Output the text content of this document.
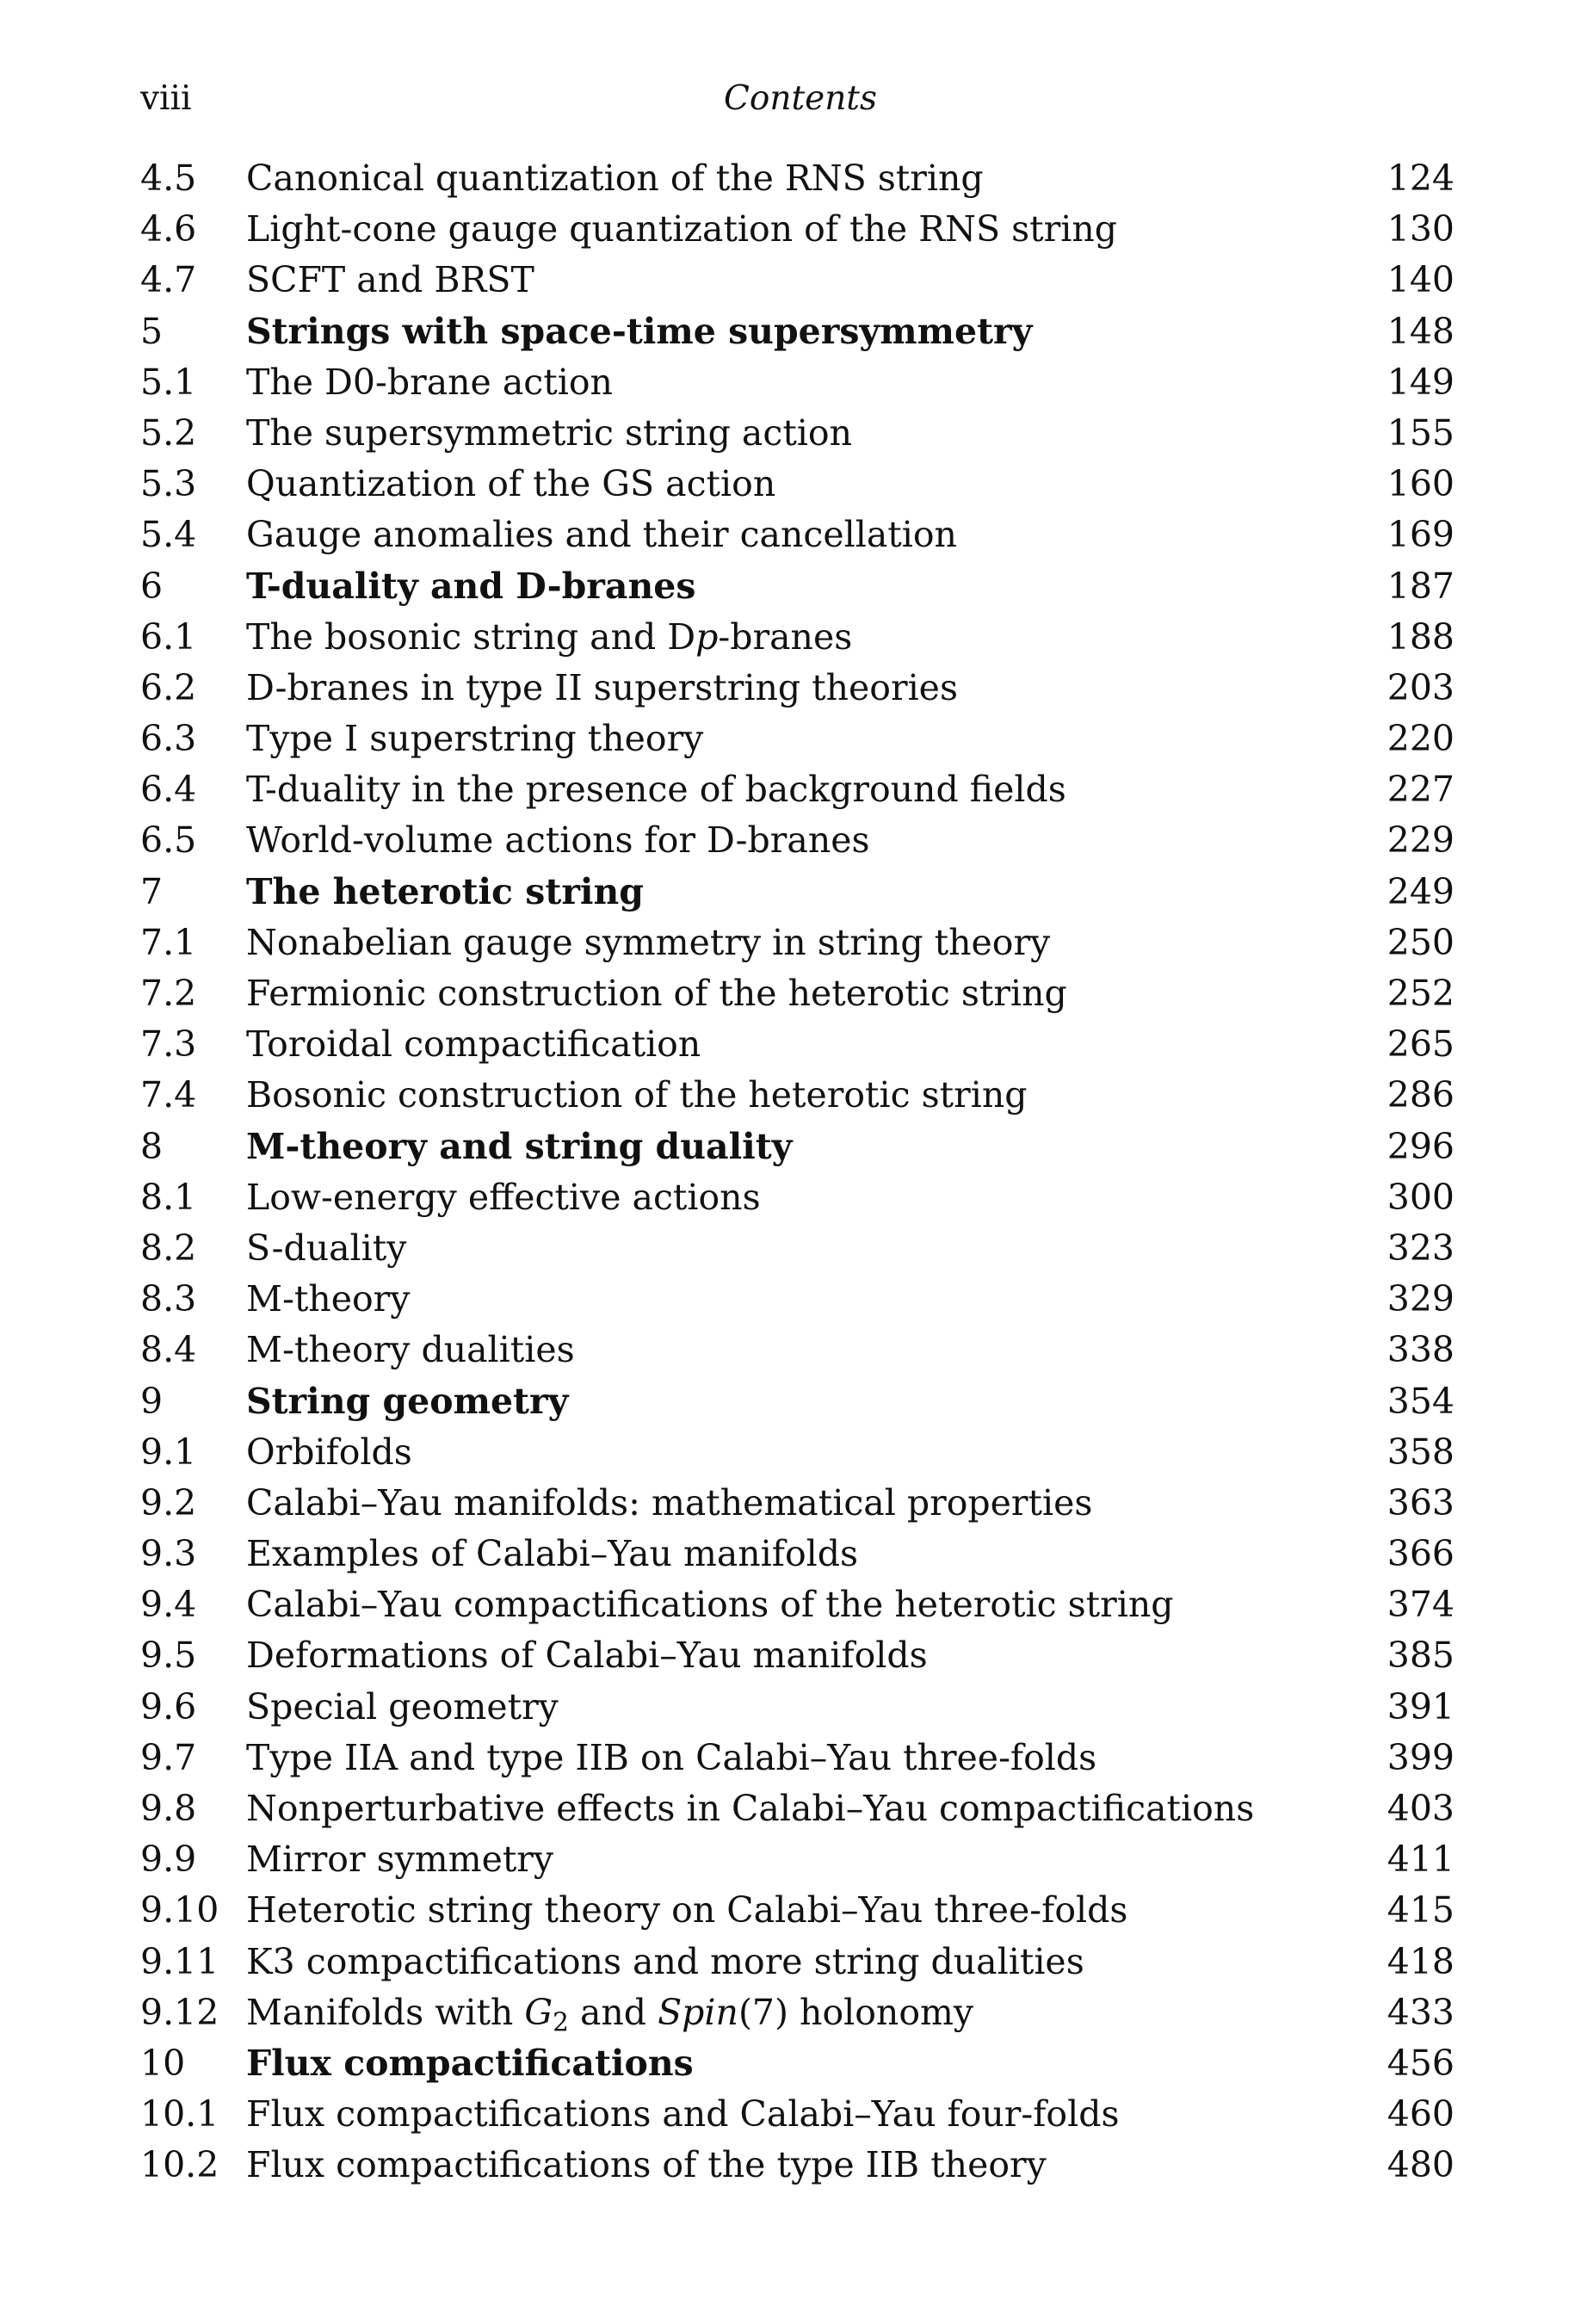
viii	Contents
4.5 Canonical quantization of the RNS string	124
4.6 Light-cone gauge quantization of the RNS string	130
4.7 SCFT and BRST	140
5 Strings with space-time supersymmetry	148
5.1 The D0-brane action	149
5.2 The supersymmetric string action	155
5.3 Quantization of the GS action	160
5.4 Gauge anomalies and their cancellation	169
6 T-duality and D-branes	187
6.1 The bosonic string and Dp-branes	188
6.2 D-branes in type II superstring theories	203
6.3 Type I superstring theory	220
6.4 T-duality in the presence of background fields	227
6.5 World-volume actions for D-branes	229
7 The heterotic string	249
7.1 Nonabelian gauge symmetry in string theory	250
7.2 Fermionic construction of the heterotic string	252
7.3 Toroidal compactification	265
7.4 Bosonic construction of the heterotic string	286
8 M-theory and string duality	296
8.1 Low-energy effective actions	300
8.2 S-duality	323
8.3 M-theory	329
8.4 M-theory dualities	338
9 String geometry	354
9.1 Orbifolds	358
9.2 Calabi–Yau manifolds: mathematical properties	363
9.3 Examples of Calabi–Yau manifolds	366
9.4 Calabi–Yau compactifications of the heterotic string	374
9.5 Deformations of Calabi–Yau manifolds	385
9.6 Special geometry	391
9.7 Type IIA and type IIB on Calabi–Yau three-folds	399
9.8 Nonperturbative effects in Calabi–Yau compactifications	403
9.9 Mirror symmetry	411
9.10 Heterotic string theory on Calabi–Yau three-folds	415
9.11 K3 compactifications and more string dualities	418
9.12 Manifolds with $G_2$ and Spin(7) holonomy	433
10 Flux compactifications	456
10.1 Flux compactifications and Calabi–Yau four-folds	460
10.2 Flux compactifications of the type IIB theory	480
